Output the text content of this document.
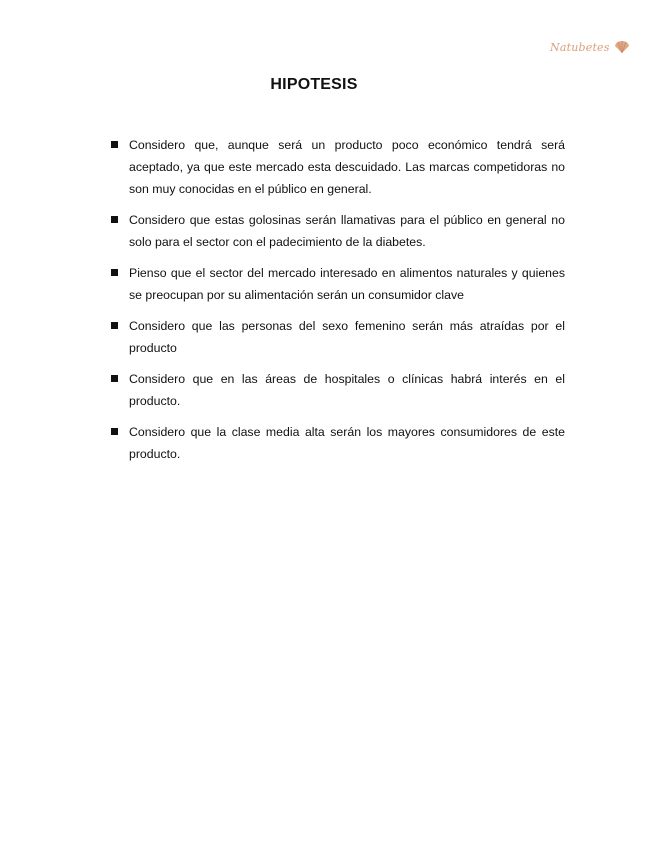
Natubetes
HIPOTESIS
Considero que, aunque será un producto poco económico tendrá será aceptado, ya que este mercado esta descuidado. Las marcas competidoras no son muy conocidas en el público en general.
Considero que estas golosinas serán llamativas para el público en general no solo para el sector con el padecimiento de la diabetes.
Pienso que el sector del mercado interesado en alimentos naturales y quienes se preocupan por su alimentación serán un consumidor clave
Considero que las personas del sexo femenino serán más atraídas por el producto
Considero que en las áreas de hospitales o clínicas habrá interés en el producto.
Considero que la clase media alta serán los mayores consumidores de este producto.
